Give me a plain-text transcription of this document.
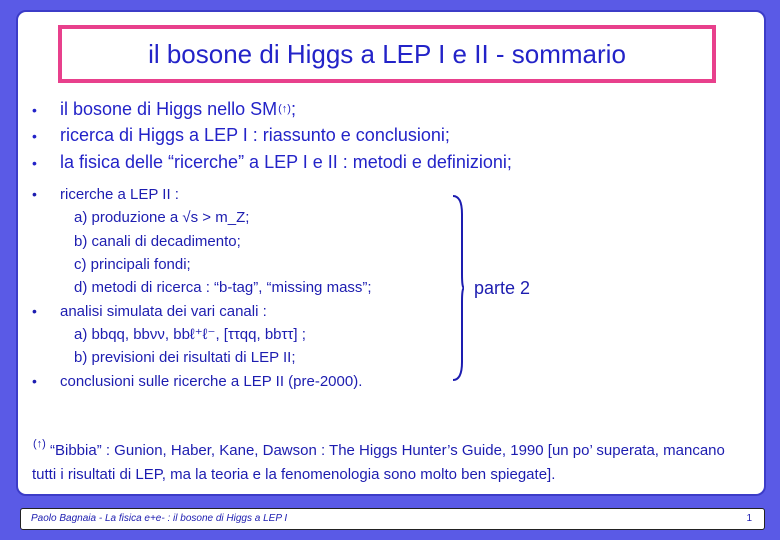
il bosone di Higgs a LEP I e II - sommario
•	il bosone di Higgs nello SM (↑) ;
•	ricerca di Higgs a LEP I : riassunto e conclusioni;
•	la fisica delle “ricerche” a LEP I e II : metodi e definizioni;
•	ricerche a LEP II :
a) produzione a √s > m_Z;
b) canali di decadimento;
c) principali fondi;
d) metodi di ricerca : “b-tag”, “missing mass”;
•	analisi simulata dei vari canali :
a) bbqq, bbνν, bbℓ⁺ℓ⁻, [ττqq, bbττ] ;
b) previsioni dei risultati di LEP II;
•	conclusioni sulle ricerche a LEP II (pre-2000).
parte 2
(↑) “Bibbia” : Gunion, Haber, Kane, Dawson : The Higgs Hunter’s Guide, 1990 [un po’ superata, mancano tutti i risultati di LEP, ma la teoria e la fenomenologia sono molto ben spiegate].
Paolo Bagnaia - La fisica e+e- : il bosone di Higgs a LEP I	1
